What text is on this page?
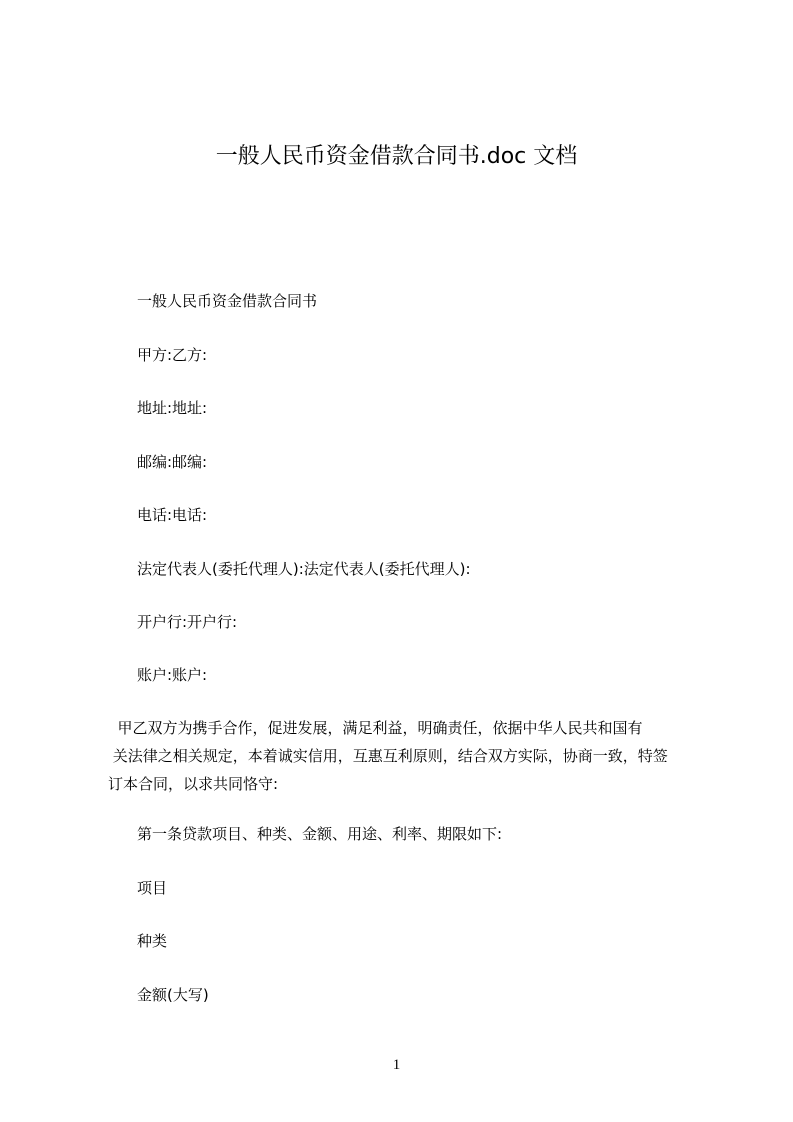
一般人民币资金借款合同书.doc 文档
一般人民币资金借款合同书
甲方:乙方:
地址:地址:
邮编:邮编:
电话:电话:
法定代表人(委托代理人):法定代表人(委托代理人):
开户行:开户行:
账户:账户:
甲乙双方为携手合作，促进发展，满足利益，明确责任，依据中华人民共和国有
关法律之相关规定，本着诚实信用，互惠互利原则，结合双方实际，协商一致，特签
订本合同，以求共同恪守:
第一条贷款项目、种类、金额、用途、利率、期限如下:
项目
种类
金额(大写)
1
